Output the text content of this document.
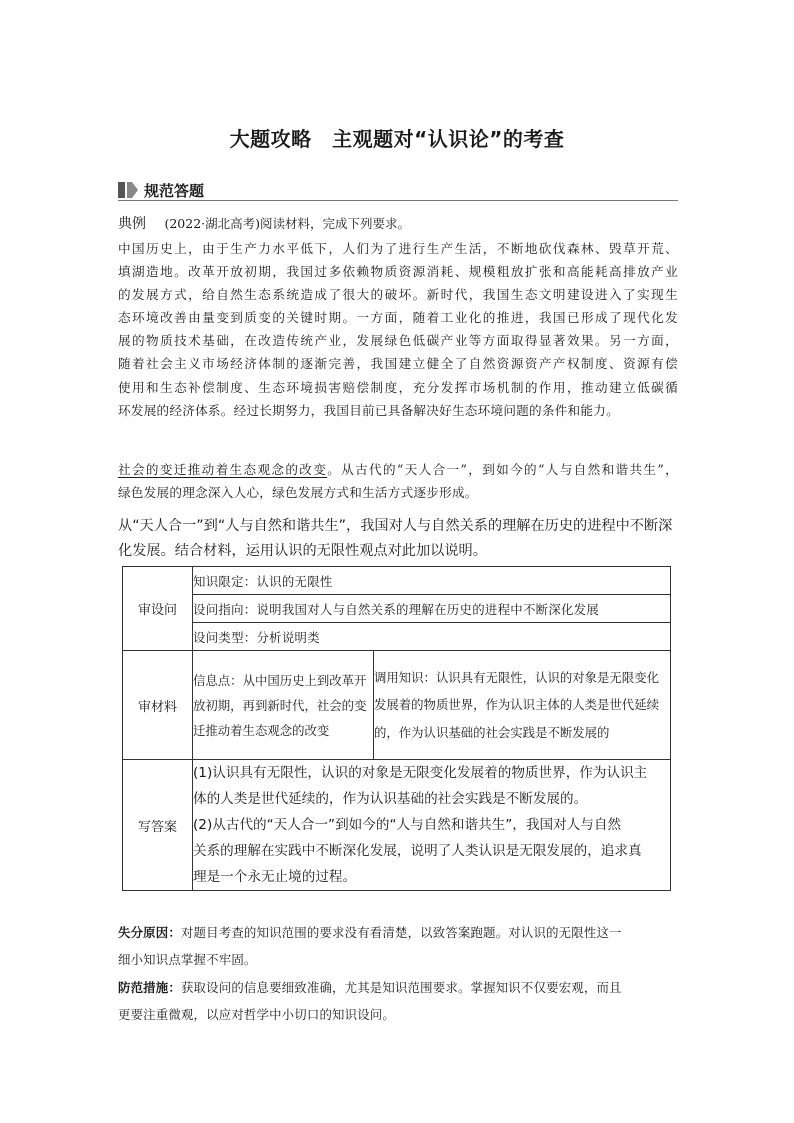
大题攻略　主观题对“认识论”的考查
规范答题
典例 (2022·湖北高考)阅读材料，完成下列要求。
中国历史上，由于生产力水平低下，人们为了进行生产生活，不断地砍伐森林、毁草开荒、
填湖造地。改革开放初期，我国过多依赖物质资源消耗、规模粗放扩张和高能耗高排放产业
的发展方式，给自然生态系统造成了很大的破坏。新时代，我国生态文明建设进入了实现生
态环境改善由量变到质变的关键时期。一方面，随着工业化的推进，我国已形成了现代化发
展的物质技术基础，在改造传统产业，发展绿色低碳产业等方面取得显著效果。另一方面，
随着社会主义市场经济体制的逐渐完善，我国建立健全了自然资源资产产权制度、资源有偿
使用和生态补偿制度、生态环境损害赔偿制度，充分发挥市场机制的作用，推动建立低碳循
环发展的经济体系。经过长期努力，我国目前已具备解决好生态环境问题的条件和能力。
社会的变迁推动着生态观念的改变。从古代的“天人合一”，到如今的“人与自然和谐共生”，
绿色发展的理念深入人心，绿色发展方式和生活方式逐步形成。
从“天人合一”到“人与自然和谐共生”，我国对人与自然关系的理解在历史的进程中不断深
化发展。结合材料，运用认识的无限性观点对此加以说明。
审设问	知识限定：认识的无限性	
	设问指向：说明我国对人与自然关系的理解在历史的进程中不断深化发展	
	设问类型：分析说明类	
审材料	信息点：从中国历史上到改革开放初期，再到新时代，社会的变迁推动着生态观念的改变	调用知识：认识具有无限性，认识的对象是无限变化发展着的物质世界，作为认识主体的人类是世代延续的，作为认识基础的社会实践是不断发展的
写答案	(1)认识具有无限性，认识的对象是无限变化发展着的物质世界，作为认识主
体的人类是世代延续的，作为认识基础的社会实践是不断发展的。
(2)从古代的“天人合一”到如今的“人与自然和谐共生”，我国对人与自然
关系的理解在实践中不断深化发展，说明了人类认识是无限发展的，追求真
理是一个永无止境的过程。	
失分原因：对题目考查的知识范围的要求没有看清楚，以致答案跑题。对认识的无限性这一
细小知识点掌握不牢固。
防范措施：获取设问的信息要细致准确，尤其是知识范围要求。掌握知识不仅要宏观，而且
更要注重微观，以应对哲学中小切口的知识设问。
